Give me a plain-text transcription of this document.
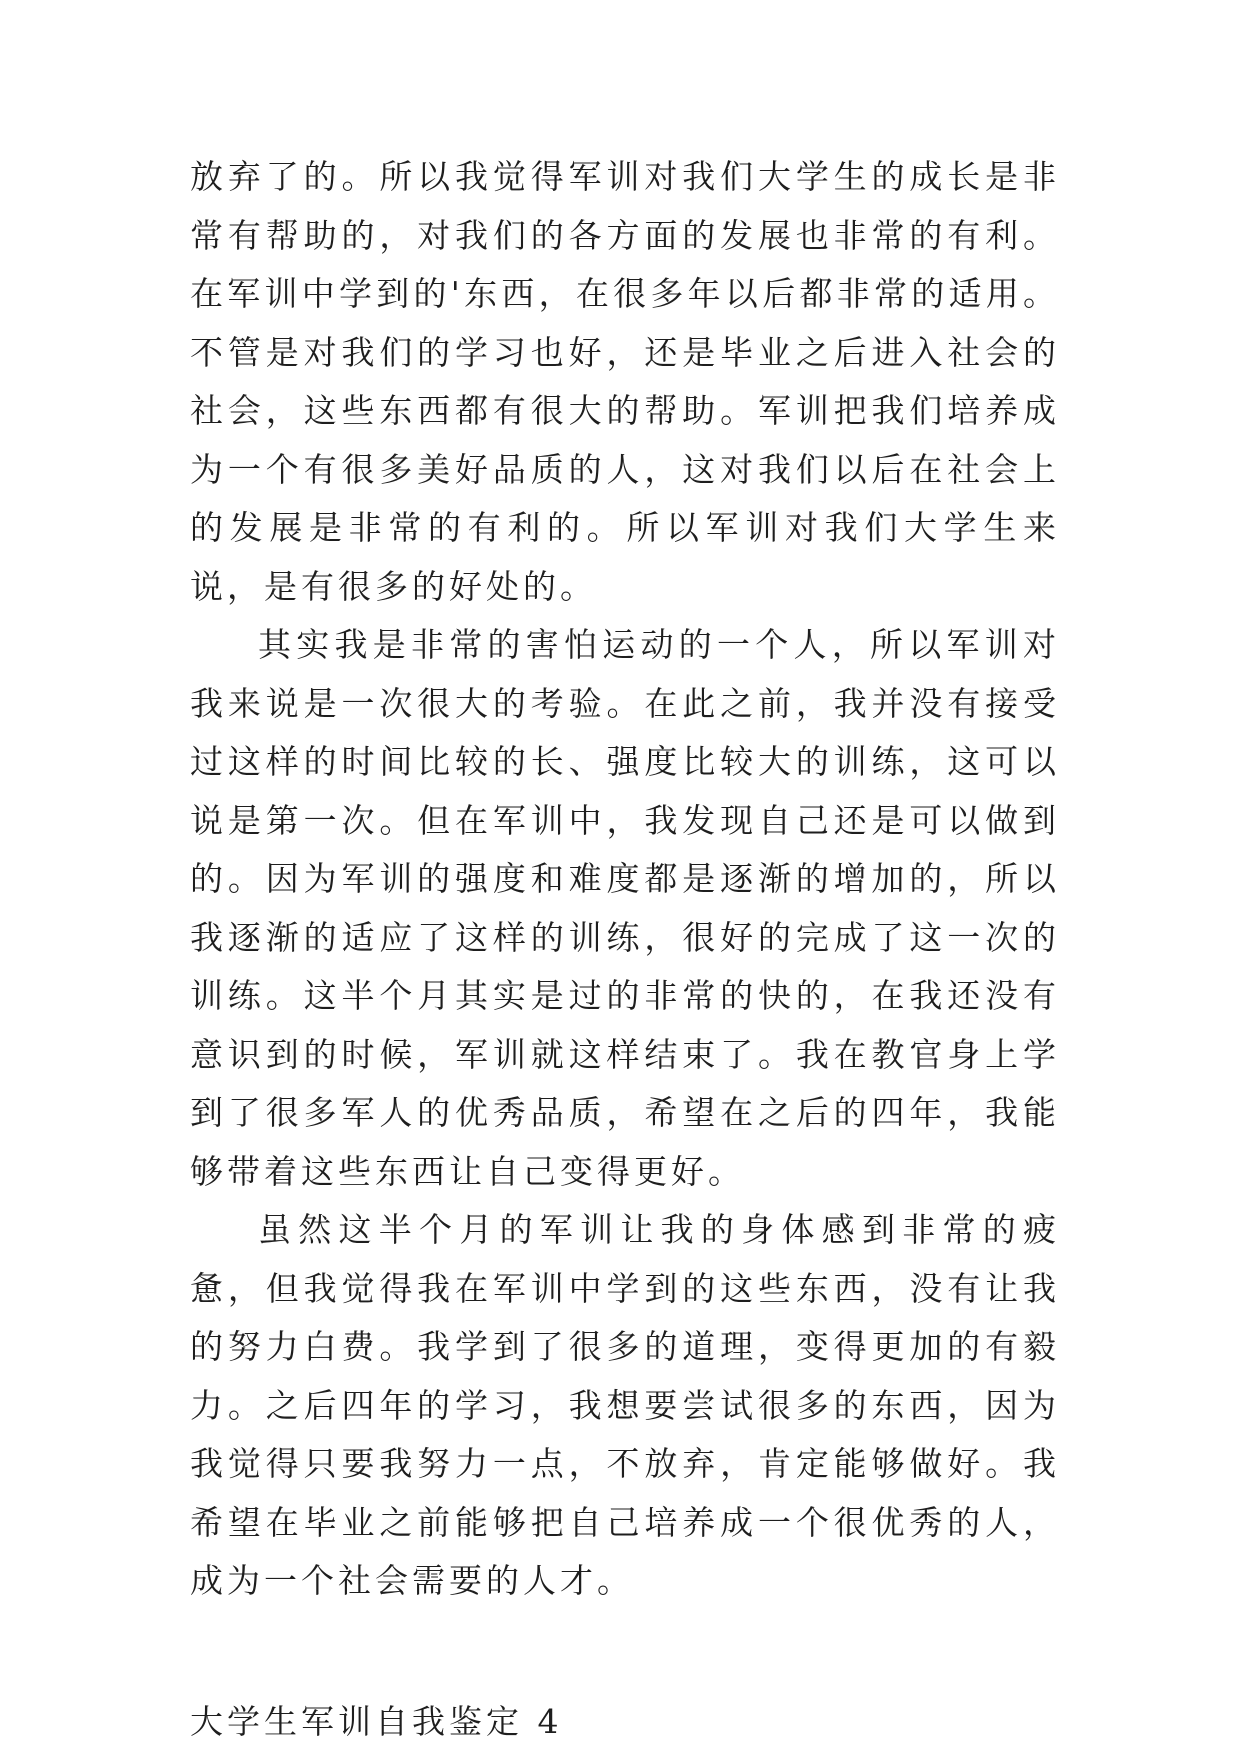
放弃了的。所以我觉得军训对我们大学生的成长是非常有帮助的，对我们的各方面的发展也非常的有利。在军训中学到的'东西，在很多年以后都非常的适用。不管是对我们的学习也好，还是毕业之后进入社会的社会，这些东西都有很大的帮助。军训把我们培养成为一个有很多美好品质的人，这对我们以后在社会上的发展是非常的有利的。所以军训对我们大学生来说，是有很多的好处的。

其实我是非常的害怕运动的一个人，所以军训对我来说是一次很大的考验。在此之前，我并没有接受过这样的时间比较的长、强度比较大的训练，这可以说是第一次。但在军训中，我发现自己还是可以做到的。因为军训的强度和难度都是逐渐的增加的，所以我逐渐的适应了这样的训练，很好的完成了这一次的训练。这半个月其实是过的非常的快的，在我还没有意识到的时候，军训就这样结束了。我在教官身上学到了很多军人的优秀品质，希望在之后的四年，我能够带着这些东西让自己变得更好。

虽然这半个月的军训让我的身体感到非常的疲惫，但我觉得我在军训中学到的这些东西，没有让我的努力白费。我学到了很多的道理，变得更加的有毅力。之后四年的学习，我想要尝试很多的东西，因为我觉得只要我努力一点，不放弃，肯定能够做好。我希望在毕业之前能够把自己培养成一个很优秀的人，成为一个社会需要的人才。

大学生军训自我鉴定 4
